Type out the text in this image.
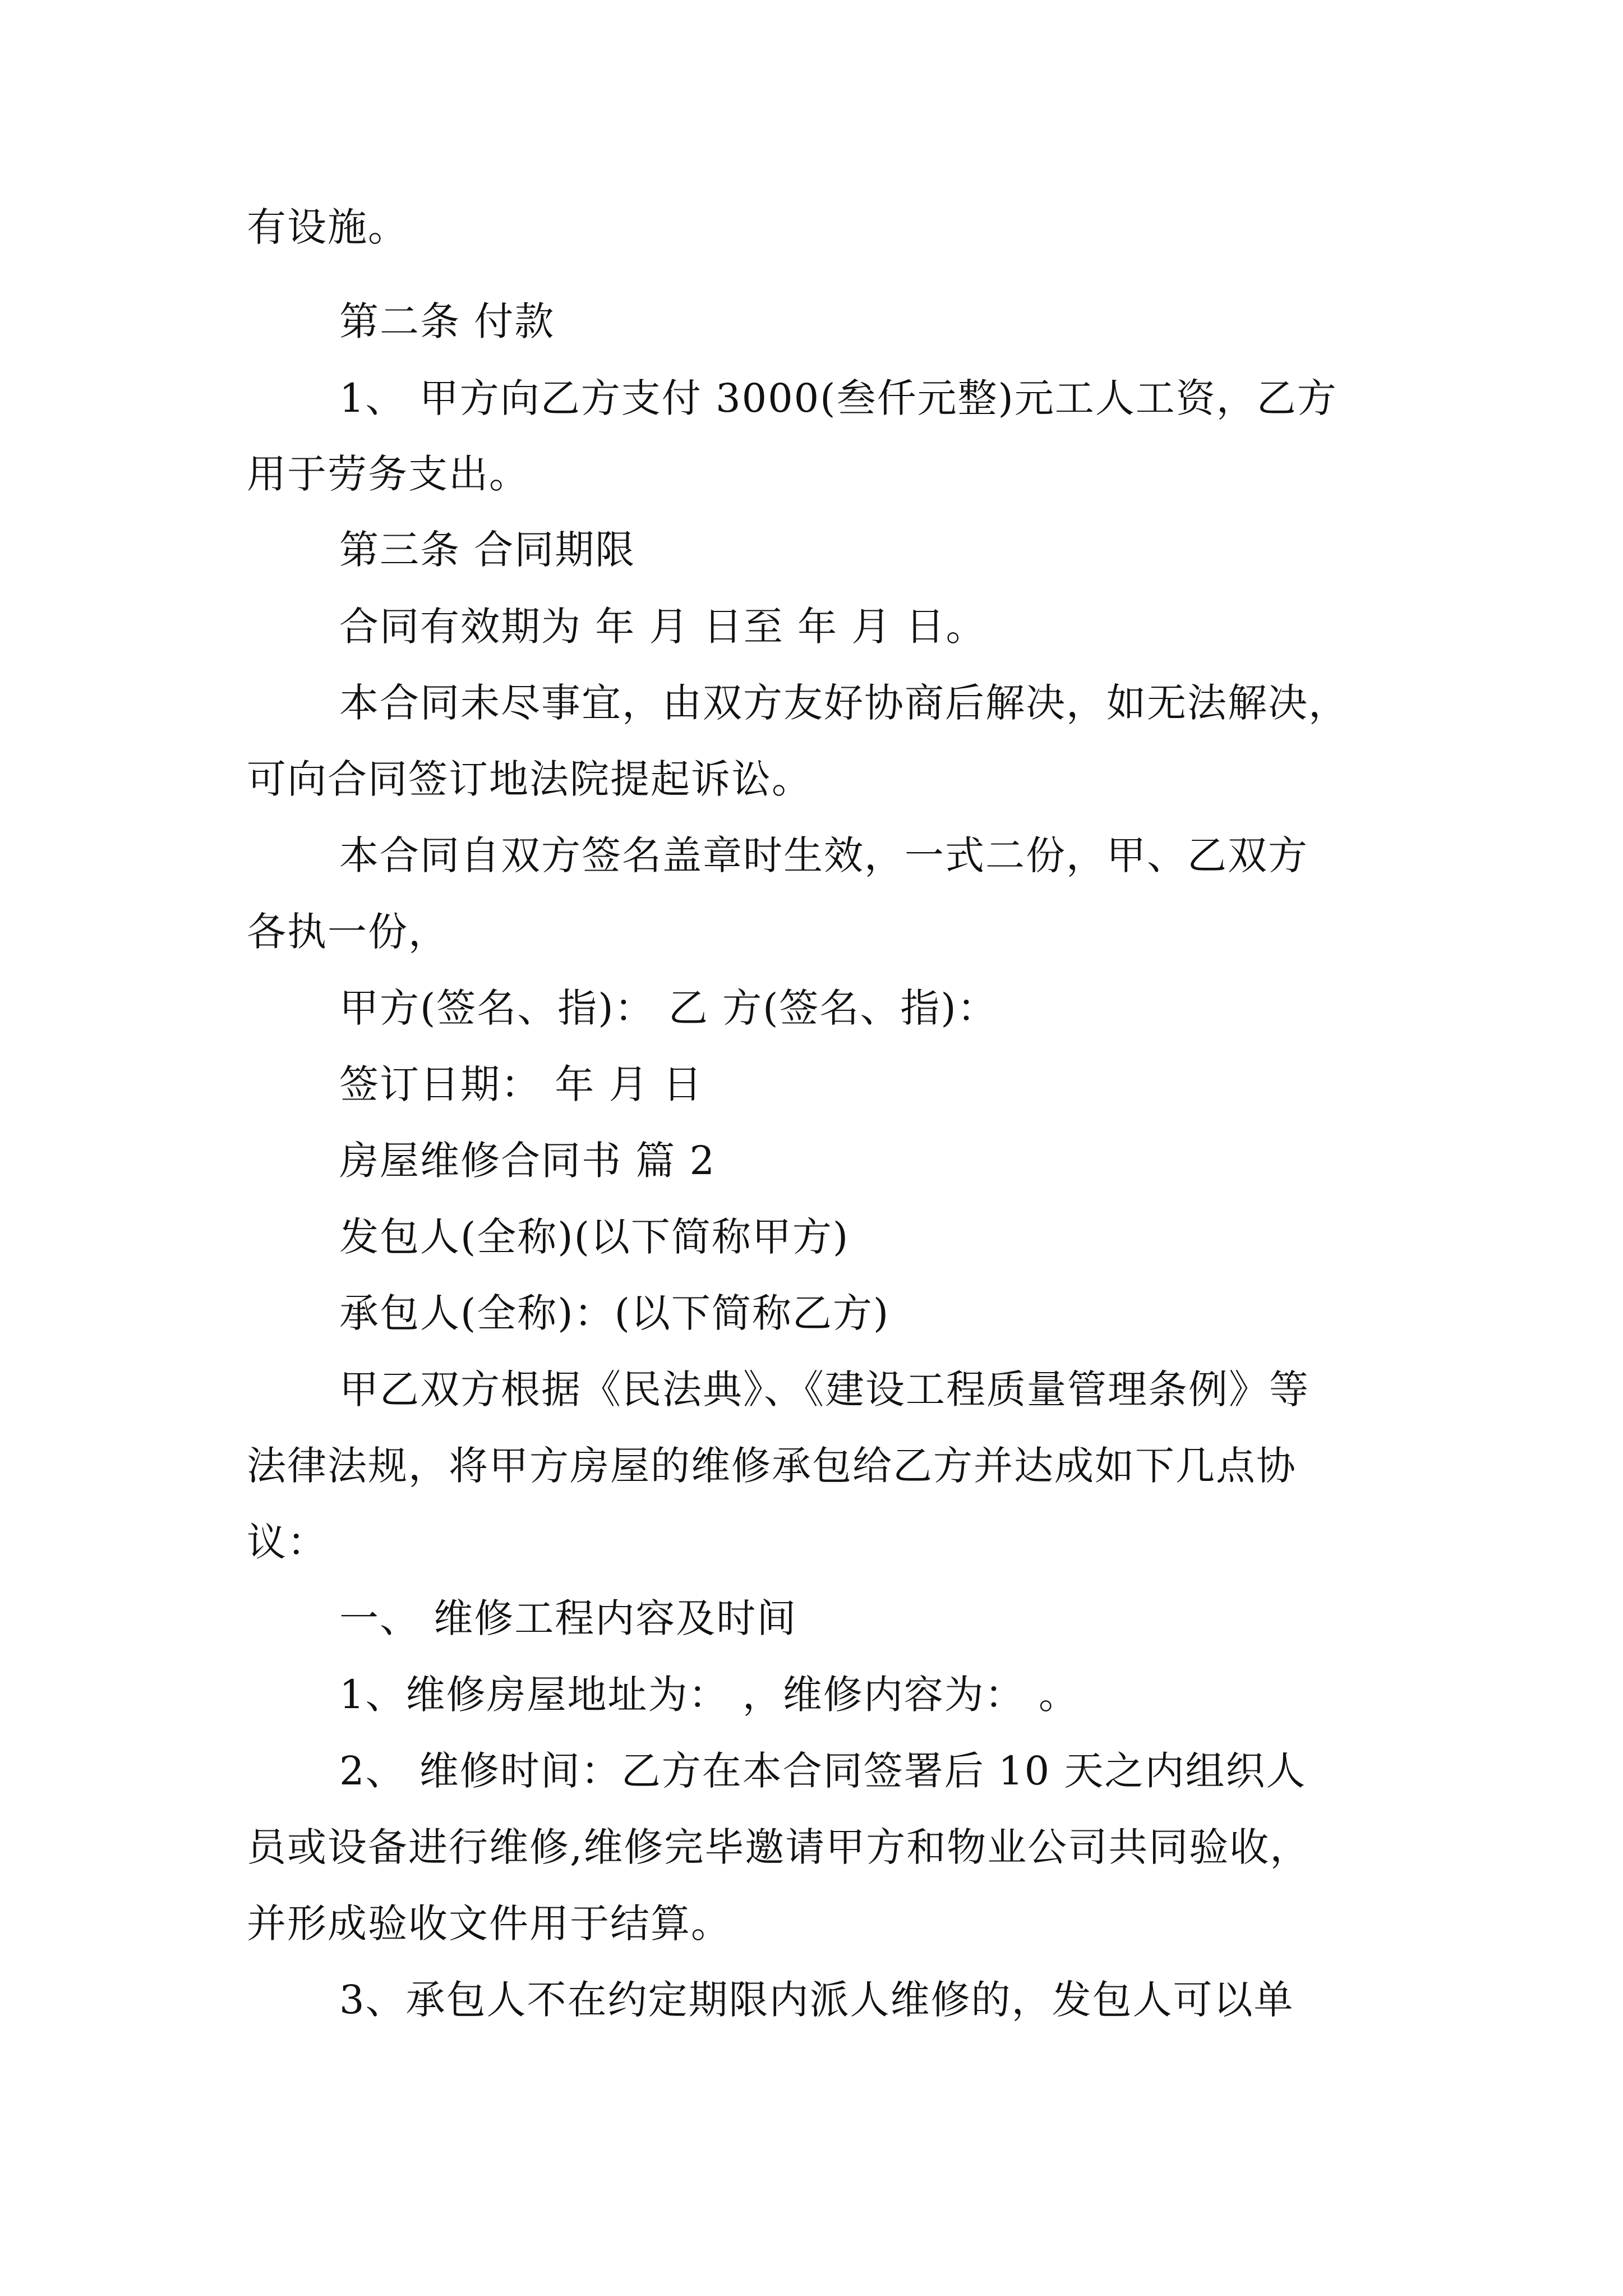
有设施。
第二条 付款
1、 甲方向乙方支付 3000(叁仟元整)元工人工资，乙方
用于劳务支出。
第三条 合同期限
合同有效期为 年 月 日至 年 月 日。
本合同未尽事宜，由双方友好协商后解决，如无法解决，
可向合同签订地法院提起诉讼。
本合同自双方签名盖章时生效，一式二份，甲、乙双方
各执一份，
甲方(签名、指)： 乙 方(签名、指)：
签订日期： 年 月 日
房屋维修合同书 篇 2
发包人(全称)(以下简称甲方)
承包人(全称)：(以下简称乙方)
甲乙双方根据《民法典》、《建设工程质量管理条例》等
法律法规，将甲方房屋的维修承包给乙方并达成如下几点协
议：
一、 维修工程内容及时间
1、维修房屋地址为： ，维修内容为： 。
2、 维修时间：乙方在本合同签署后 10 天之内组织人
员或设备进行维修,维修完毕邀请甲方和物业公司共同验收，
并形成验收文件用于结算。
3、承包人不在约定期限内派人维修的，发包人可以单
